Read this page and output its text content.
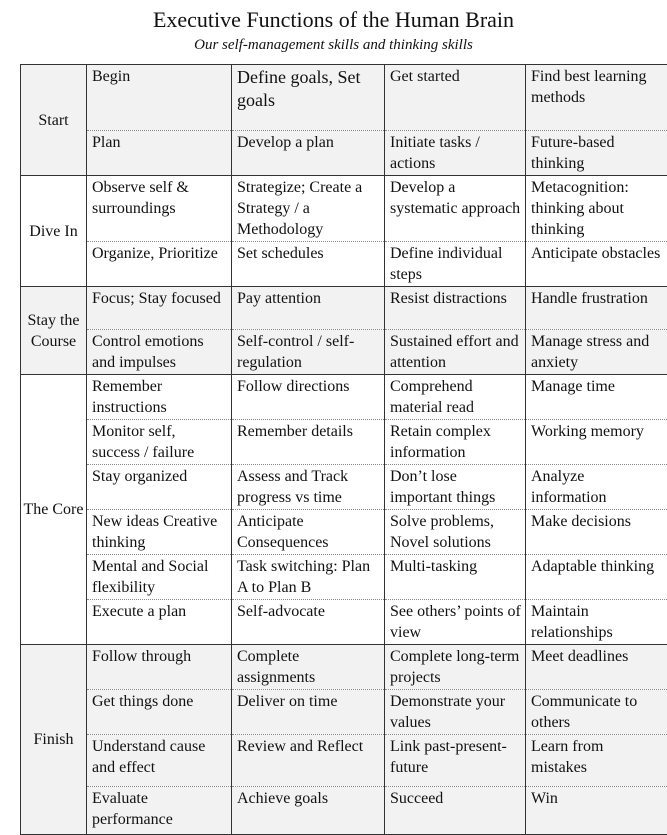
Executive Functions of the Human Brain
Our self-management skills and thinking skills
Start	Begin	Define goals, Set goals	Get started	Find best learning methods
	Plan	Develop a plan	Initiate tasks / actions	Future-based thinking
Dive In	Observe self & surroundings	Strategize; Create a Strategy / a Methodology	Develop a systematic approach	Metacognition: thinking about thinking
	Organize, Prioritize	Set schedules	Define individual steps	Anticipate obstacles
Stay the Course	Focus; Stay focused	Pay attention	Resist distractions	Handle frustration
	Control emotions and impulses	Self-control / self-regulation	Sustained effort and attention	Manage stress and anxiety
The Core	Remember instructions	Follow directions	Comprehend material read	Manage time
	Monitor self, success / failure	Remember details	Retain complex information	Working memory
	Stay organized	Assess and Track progress vs time	Don’t lose important things	Analyze information
	New ideas Creative thinking	Anticipate Consequences	Solve problems, Novel solutions	Make decisions
	Mental and Social flexibility	Task switching: Plan A to Plan B	Multi-tasking	Adaptable thinking
	Execute a plan	Self-advocate	See others’ points of view	Maintain relationships
Finish	Follow through	Complete assignments	Complete long-term projects	Meet deadlines
	Get things done	Deliver on time	Demonstrate your values	Communicate to others
	Understand cause and effect	Review and Reflect	Link past-present-future	Learn from mistakes
	Evaluate performance	Achieve goals	Succeed	Win
